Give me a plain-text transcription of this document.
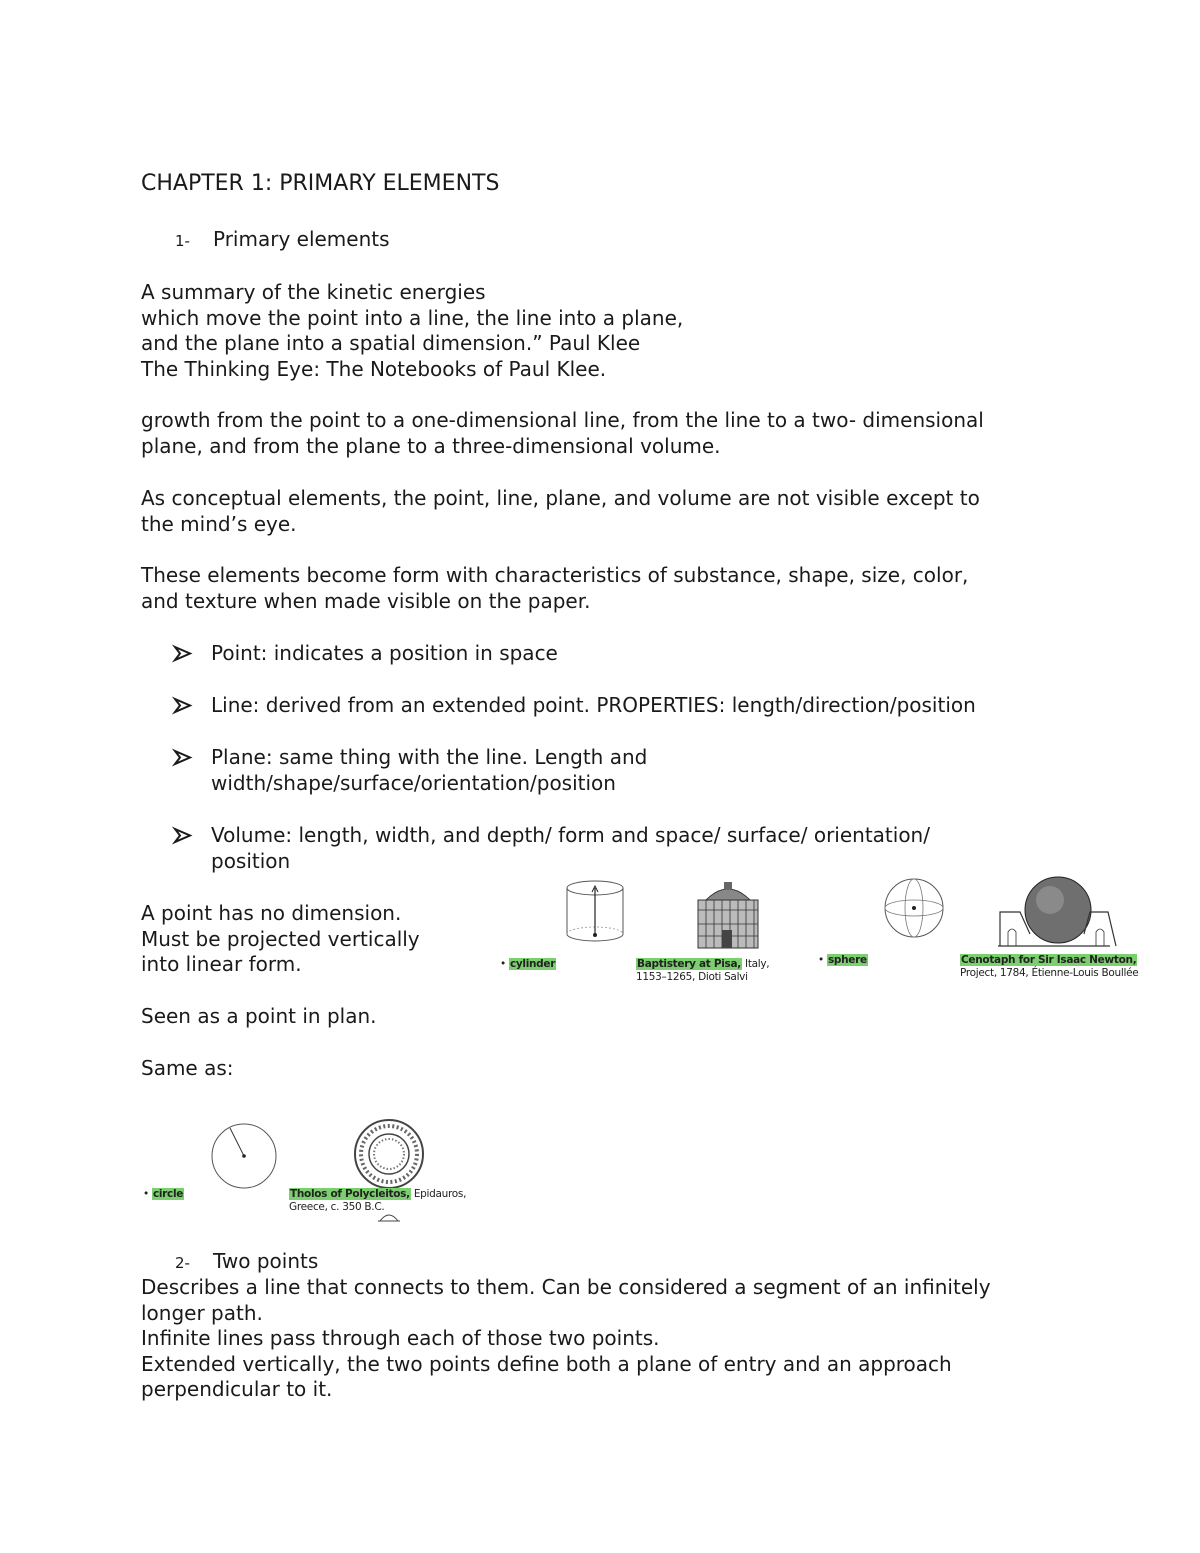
CHAPTER 1: PRIMARY ELEMENTS
1- Primary elements
A summary of the kinetic energies
which move the point into a line, the line into a plane,
and the plane into a spatial dimension.” Paul Klee
The Thinking Eye: The Notebooks of Paul Klee.
growth from the point to a one-dimensional line, from the line to a two- dimensional
plane, and from the plane to a three-dimensional volume.
As conceptual elements, the point, line, plane, and volume are not visible except to
the mind’s eye.
These elements become form with characteristics of substance, shape, size, color,
and texture when made visible on the paper.
Point: indicates a position in space
Line: derived from an extended point. PROPERTIES: length/direction/position
Plane: same thing with the line. Length and
width/shape/surface/orientation/position
Volume: length, width, and depth/ form and space/ surface/ orientation/
position
A point has no dimension.
Must be projected vertically
into linear form.
Seen as a point in plan.
Same as:
• cylinder	Baptistery at Pisa, Italy,
1153–1265, Dioti Salvi
• sphere	Cenotaph for Sir Isaac Newton,
Project, 1784, Étienne-Louis Boullée
• circle	Tholos of Polycleitos, Epidauros,
Greece, c. 350 B.C.
2- Two points
Describes a line that connects to them. Can be considered a segment of an infinitely
longer path.
Infinite lines pass through each of those two points.
Extended vertically, the two points define both a plane of entry and an approach
perpendicular to it.
